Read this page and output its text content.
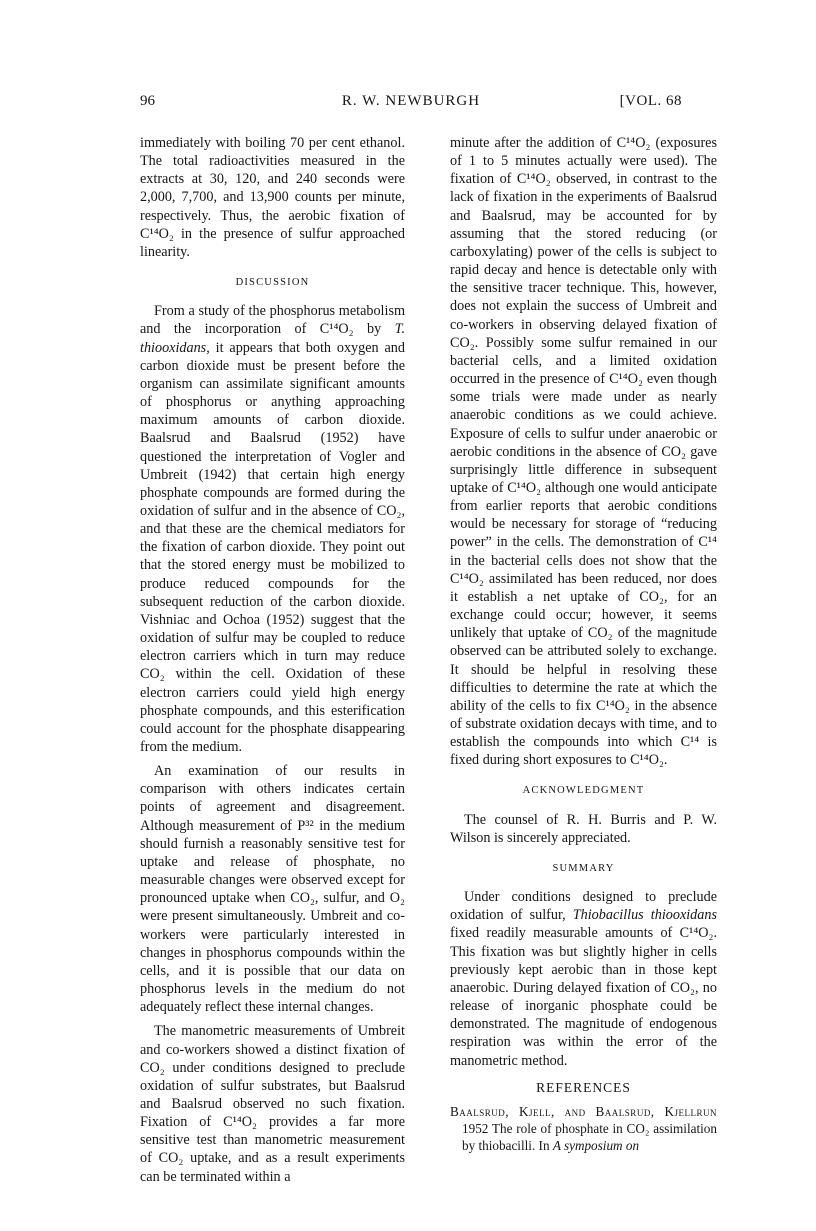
96	R. W. NEWBURGH	[VOL. 68

immediately with boiling 70 per cent ethanol. The total radioactivities measured in the extracts at 30, 120, and 240 seconds were 2,000, 7,700, and 13,900 counts per minute, respectively. Thus, the aerobic fixation of C¹⁴O₂ in the presence of sulfur approached linearity.

DISCUSSION

From a study of the phosphorus metabolism and the incorporation of C¹⁴O₂ by T. thiooxidans, it appears that both oxygen and carbon dioxide must be present before the organism can assimilate significant amounts of phosphorus or anything approaching maximum amounts of carbon dioxide. Baalsrud and Baalsrud (1952) have questioned the interpretation of Vogler and Umbreit (1942) that certain high energy phosphate compounds are formed during the oxidation of sulfur and in the absence of CO₂, and that these are the chemical mediators for the fixation of carbon dioxide. They point out that the stored energy must be mobilized to produce reduced compounds for the subsequent reduction of the carbon dioxide. Vishniac and Ochoa (1952) suggest that the oxidation of sulfur may be coupled to reduce electron carriers which in turn may reduce CO₂ within the cell. Oxidation of these electron carriers could yield high energy phosphate compounds, and this esterification could account for the phosphate disappearing from the medium.

An examination of our results in comparison with others indicates certain points of agreement and disagreement. Although measurement of P³² in the medium should furnish a reasonably sensitive test for uptake and release of phosphate, no measurable changes were observed except for pronounced uptake when CO₂, sulfur, and O₂ were present simultaneously. Umbreit and co-workers were particularly interested in changes in phosphorus compounds within the cells, and it is possible that our data on phosphorus levels in the medium do not adequately reflect these internal changes.

The manometric measurements of Umbreit and co-workers showed a distinct fixation of CO₂ under conditions designed to preclude oxidation of sulfur substrates, but Baalsrud and Baalsrud observed no such fixation. Fixation of C¹⁴O₂ provides a far more sensitive test than manometric measurement of CO₂ uptake, and as a result experiments can be terminated within a

minute after the addition of C¹⁴O₂ (exposures of 1 to 5 minutes actually were used). The fixation of C¹⁴O₂ observed, in contrast to the lack of fixation in the experiments of Baalsrud and Baalsrud, may be accounted for by assuming that the stored reducing (or carboxylating) power of the cells is subject to rapid decay and hence is detectable only with the sensitive tracer technique. This, however, does not explain the success of Umbreit and co-workers in observing delayed fixation of CO₂. Possibly some sulfur remained in our bacterial cells, and a limited oxidation occurred in the presence of C¹⁴O₂ even though some trials were made under as nearly anaerobic conditions as we could achieve. Exposure of cells to sulfur under anaerobic or aerobic conditions in the absence of CO₂ gave surprisingly little difference in subsequent uptake of C¹⁴O₂ although one would anticipate from earlier reports that aerobic conditions would be necessary for storage of “reducing power” in the cells. The demonstration of C¹⁴ in the bacterial cells does not show that the C¹⁴O₂ assimilated has been reduced, nor does it establish a net uptake of CO₂, for an exchange could occur; however, it seems unlikely that uptake of CO₂ of the magnitude observed can be attributed solely to exchange. It should be helpful in resolving these difficulties to determine the rate at which the ability of the cells to fix C¹⁴O₂ in the absence of substrate oxidation decays with time, and to establish the compounds into which C¹⁴ is fixed during short exposures to C¹⁴O₂.

ACKNOWLEDGMENT

The counsel of R. H. Burris and P. W. Wilson is sincerely appreciated.

SUMMARY

Under conditions designed to preclude oxidation of sulfur, Thiobacillus thiooxidans fixed readily measurable amounts of C¹⁴O₂. This fixation was but slightly higher in cells previously kept aerobic than in those kept anaerobic. During delayed fixation of CO₂, no release of inorganic phosphate could be demonstrated. The magnitude of endogenous respiration was within the error of the manometric method.

REFERENCES

Baalsrud, Kjell, and Baalsrud, Kjellrun 1952 The role of phosphate in CO₂ assimilation by thiobacilli. In A symposium on
